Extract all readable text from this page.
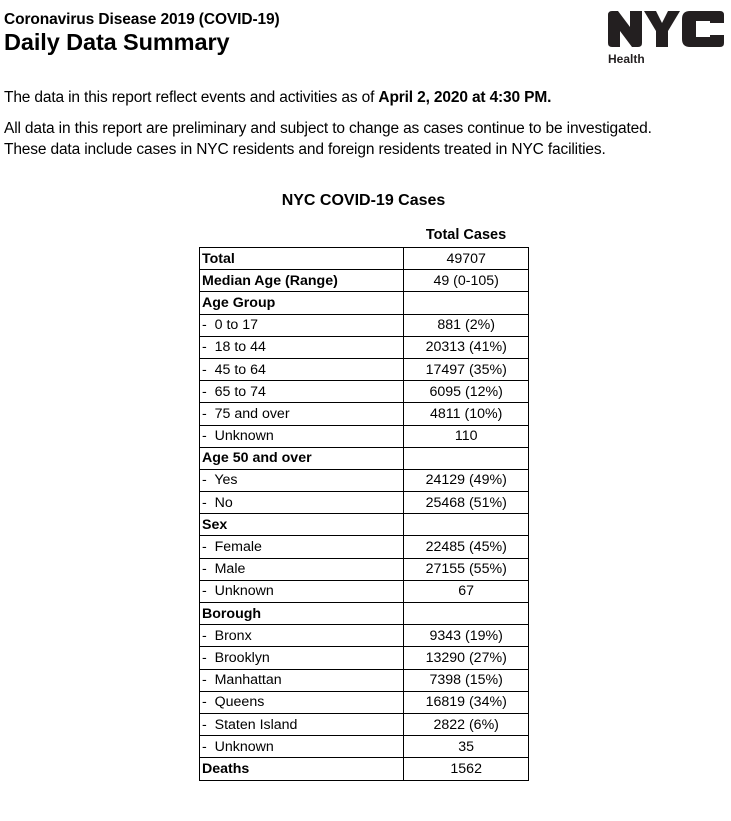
Coronavirus Disease 2019 (COVID-19)
Daily Data Summary
Health
The data in this report reflect events and activities as of April 2, 2020 at 4:30 PM.
All data in this report are preliminary and subject to change as cases continue to be investigated.
These data include cases in NYC residents and foreign residents treated in NYC facilities.
NYC COVID-19 Cases
Total Cases
Total	49707
Median Age (Range)	49 (0-105)
Age Group	
-  0 to 17	881 (2%)
-  18 to 44	20313 (41%)
-  45 to 64	17497 (35%)
-  65 to 74	6095 (12%)
-  75 and over	4811 (10%)
-  Unknown	110
Age 50 and over	
-  Yes	24129 (49%)
-  No	25468 (51%)
Sex	
-  Female	22485 (45%)
-  Male	27155 (55%)
-  Unknown	67
Borough	
-  Bronx	9343 (19%)
-  Brooklyn	13290 (27%)
-  Manhattan	7398 (15%)
-  Queens	16819 (34%)
-  Staten Island	2822 (6%)
-  Unknown	35
Deaths	1562
